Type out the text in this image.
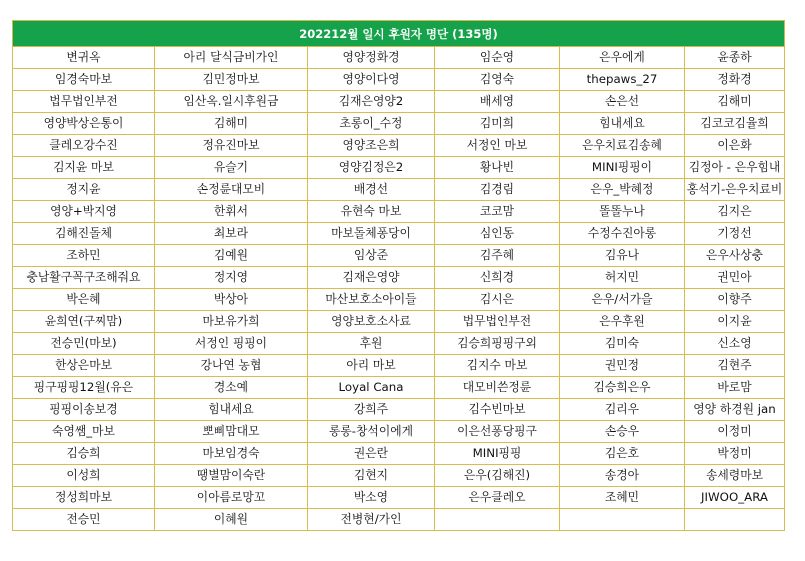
202212월 일시 후원자 명단 (135명)					
변귀옥	아리 달식금비가인	영양정화경	임순영	은우에게	윤종하
임경숙마보	김민정마보	영양이다영	김영숙	thepaws_27	정화경
법무법인부전	임산옥.일시후원금	김재은영양2	배세영	손은선	김해미
영양박상은통이	김해미	초롱이_수정	김미희	힘내세요	김코코김율희
클레오강수진	정유진마보	영양조은희	서정인 마보	은우치료김송혜	이은화
김지윤 마보	유슬기	영양김정은2	황나빈	MINI핑핑이	김정아 - 은우힘내
정지윤	손정륜대모비	배경선	김경림	은우_박혜정	홍석기-은우치료비
영양+박지영	한휘서	유현숙 마보	코코맘	똘똘누나	김지은
김해진돌체	최보라	마보돌체퐁당이	심인동	수정수진아롱	기정선
조하민	김예원	임상준	김주혜	김유나	은우사상충
충남활구꼭구조해줘요	정지영	김재은영양	신희경	허지민	권민아
박은혜	박상아	마산보호소아이들	김시은	은우/서가을	이향주
윤희연(구찌맘)	마보유가희	영양보호소사료	법무법인부전	은우후원	이지윤
전승민(마보)	서정인 핑핑이	후원	김승희핑핑구외	김미숙	신소영
한상은마보	강나연 농협	아리 마보	김지수 마보	권민정	김현주
핑구핑핑12월(유은	경소예	Loyal Cana	대모비쓴정륜	김승희은우	바로맘
핑핑이송보경	힘내세요	강희주	김수빈마보	김리우	영양 하경원 jan
숙영쌤_마보	뽀삐맘대모	롱롱-창석이에게	이은선퐁당핑구	손승우	이정미
김승희	마보임경숙	권은란	MINI핑핑	김은호	박정미
이성희	땡별맘이숙란	김현지	은우(김해진)	송경아	송세령마보
정성희마보	이아름로망꼬	박소영	은우클레오	조혜민	JIWOO_ARA
전승민	이혜원	전병현/가인			
